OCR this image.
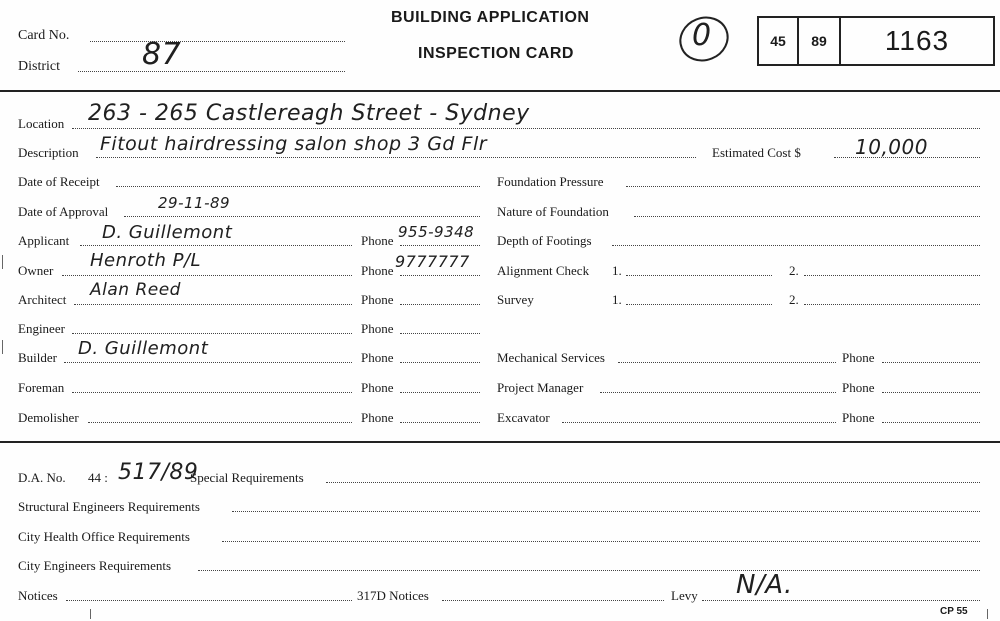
Card No.
District	87
BUILDING APPLICATION
INSPECTION CARD
0	45 89 1163
Location 263 - 265 Castlereagh Street - Sydney
Description Fitout hairdressing salon shop 3 Gd Flr	Estimated Cost $	10,000
Date of Receipt
Date of Approval	29-11-89
Applicant D. Guillemont	Phone 955-9348
Owner Henroth P/L	Phone 9777777
Architect Alan Reed	Phone
Engineer	Phone
Builder D. Guillemont	Phone
Foreman	Phone
Demolisher	Phone
Foundation Pressure
Nature of Foundation
Depth of Footings
Alignment Check 1.	2.
Survey	1.	2.
Mechanical Services	Phone
Project Manager	Phone
Excavator	Phone
D.A. No. 44 : 517/89
Special Requirements
Structural Engineers Requirements
City Health Office Requirements
City Engineers Requirements
Notices	317D Notices	Levy N/A.
CP 55
